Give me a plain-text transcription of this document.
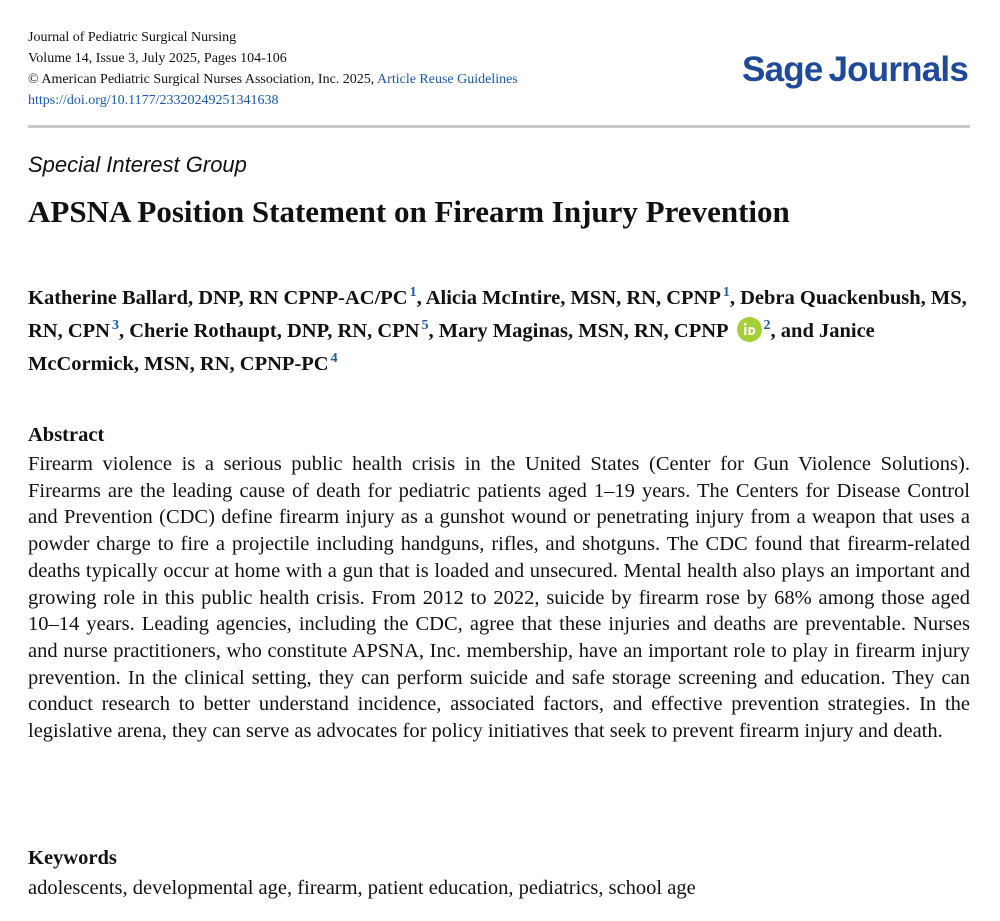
Journal of Pediatric Surgical Nursing
Volume 14, Issue 3, July 2025, Pages 104-106
© American Pediatric Surgical Nurses Association, Inc. 2025, Article Reuse Guidelines
https://doi.org/10.1177/23320249251341638
Sage Journals
Special Interest Group
APSNA Position Statement on Firearm Injury Prevention
Katherine Ballard, DNP, RN CPNP-AC/PC $^1$, Alicia McIntire, MSN, RN, CPNP $^1$, Debra Quackenbush, MS, RN, CPN $^3$, Cherie Rothaupt, DNP, RN, CPN $^5$, Mary Maginas, MSN, RN, CPNP	$^2$, and Janice McCormick, MSN, RN, CPNP-PC $^4$
Abstract

Firearm violence is a serious public health crisis in the United States (Center for Gun Violence Solutions). Firearms are the leading cause of death for pediatric patients aged 1–19 years. The Centers for Disease Control and Prevention (CDC) define firearm injury as a gunshot wound or penetrating injury from a weapon that uses a powder charge to fire a projectile including handguns, rifles, and shotguns. The CDC found that firearm-related deaths typically occur at home with a gun that is loaded and unsecured. Mental health also plays an important and growing role in this public health crisis. From 2012 to 2022, suicide by firearm rose by 68% among those aged 10–14 years. Leading agencies, including the CDC, agree that these injuries and deaths are preventable. Nurses and nurse practitioners, who constitute APSNA, Inc. membership, have an important role to play in firearm injury prevention. In the clinical setting, they can perform suicide and safe storage screening and education. They can conduct research to better understand incidence, associated factors, and effective prevention strategies. In the legislative arena, they can serve as advocates for policy initiatives that seek to prevent firearm injury and death.

Keywords
adolescents, developmental age, firearm, patient education, pediatrics, school age
